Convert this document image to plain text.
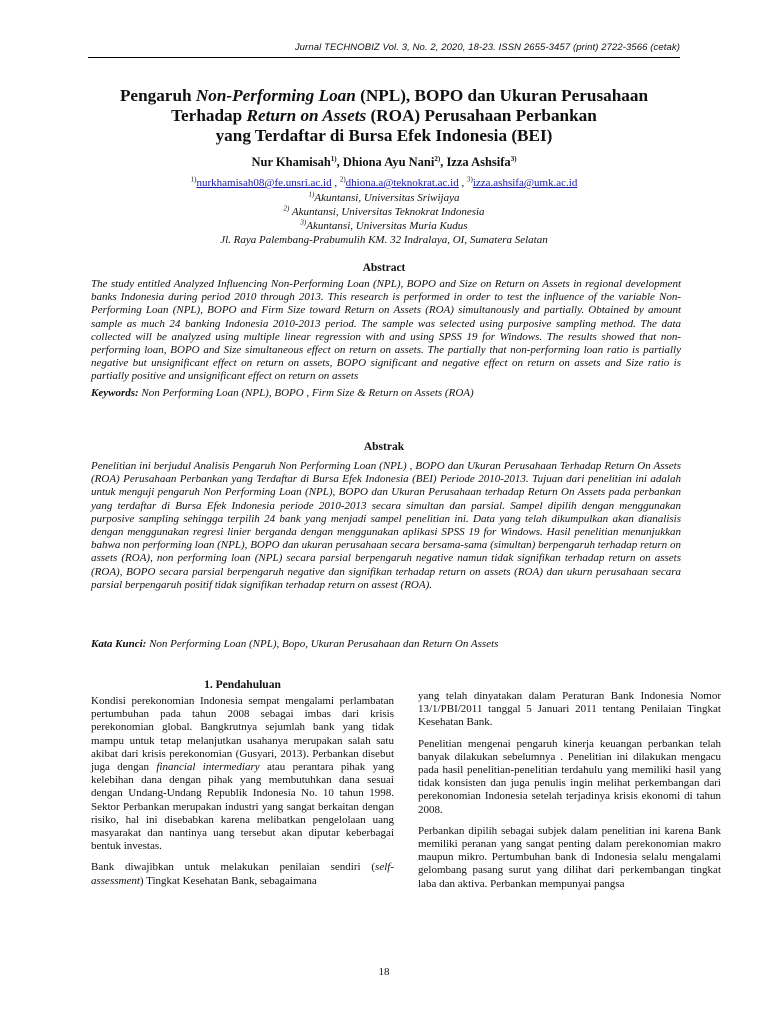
Jurnal TECHNOBIZ Vol. 3, No. 2, 2020, 18-23. ISSN 2655-3457 (print) 2722-3566 (cetak)
Pengaruh Non-Performing Loan (NPL), BOPO dan Ukuran Perusahaan
Terhadap Return on Assets (ROA) Perusahaan Perbankan
yang Terdaftar di Bursa Efek Indonesia (BEI)
Nur Khamisah$^{1)}$, Dhiona Ayu Nani$^{2)}$, Izza Ashsifa$^{3)}$
$^{1)}$nurkhamisah08@fe.unsri.ac.id , $^{2)}$dhiona.a@teknokrat.ac.id , $^{3)}$izza.ashsifa@umk.ac.id
$^{1)}$Akuntansi, Universitas Sriwijaya
$^{2)}$ Akuntansi, Universitas Teknokrat Indonesia
$^{3)}$Akuntansi, Universitas Muria Kudus
Jl. Raya Palembang-Prabumulih KM. 32 Indralaya, OI, Sumatera Selatan
Abstract
The study entitled Analyzed Influencing Non-Performing Loan (NPL), BOPO and Size on Return on Assets in regional development banks Indonesia during period 2010 through 2013. This research is performed in order to test the influence of the variable Non-Performing Loan (NPL), BOPO and Firm Size toward Return on Assets (ROA) simultanously and partially. Obtained by amount sample as much 24 banking Indonesia 2010-2013 period. The sample was selected using purposive sampling method. The data collected will be analyzed using multiple linear regression with and using SPSS 19 for Windows. The results showed that non-performing loan, BOPO and Size simultaneous effect on return on assets. The partially that non-performing loan ratio is partially negative but unsignificant effect on return on assets, BOPO significant and negative effect on return on assets and Size ratio is partially positive and unsignificant effect on return on assets
Keywords: Non Performing Loan (NPL), BOPO , Firm Size & Return on Assets (ROA)
Abstrak
Penelitian ini berjudul Analisis Pengaruh Non Performing Loan (NPL) , BOPO dan Ukuran Perusahaan Terhadap Return On Assets (ROA) Perusahaan Perbankan yang Terdaftar di Bursa Efek Indonesia (BEI) Periode 2010-2013. Tujuan dari penelitian ini adalah untuk menguji pengaruh Non Performing Loan (NPL), BOPO dan Ukuran Perusahaan terhadap Return On Assets pada perbankan yang terdaftar di Bursa Efek Indonesia periode 2010-2013 secara simultan dan parsial. Sampel dipilih dengan menggunakan purposive sampling sehingga terpilih 24 bank yang menjadi sampel penelitian ini. Data yang telah dikumpulkan akan dianalisis dengan menggunakan regresi linier berganda dengan menggunakan aplikasi SPSS 19 for Windows. Hasil penelitian menunjukkan bahwa non performing loan (NPL), BOPO dan ukuran perusahaan secara bersama-sama (simultan) berpengaruh terhadap return on assets (ROA), non performing loan (NPL) secara parsial berpengaruh negative namun tidak signifikan terhadap return on assets (ROA), BOPO secara parsial berpengaruh negative dan signifikan terhadap return on assets (ROA) dan ukurn perusahaan secara parsial berpengaruh positif tidak signifikan terhadap return on assest (ROA).
Kata Kunci: Non Performing Loan (NPL), Bopo, Ukuran Perusahaan dan Return On Assets
1. Pendahuluan

Kondisi perekonomian Indonesia sempat mengalami perlambatan pertumbuhan pada tahun 2008 sebagai imbas dari krisis perekonomian global. Bangkrutnya sejumlah bank yang tidak mampu untuk tetap melanjutkan usahanya merupakan salah satu akibat dari krisis perekonomian (Gusyari, 2013). Perbankan disebut juga dengan financial intermediary atau perantara pihak yang kelebihan dana dengan pihak yang membutuhkan dana sesuai dengan Undang-Undang Republik Indonesia No. 10 tahun 1998. Sektor Perbankan merupakan industri yang sangat berkaitan dengan risiko, hal ini disebabkan karena melibatkan pengelolaan uang masyarakat dan nantinya uang tersebut akan diputar keberbagai bentuk investas.

Bank diwajibkan untuk melakukan penilaian sendiri (self-assessment) Tingkat Kesehatan Bank, sebagaimana

yang telah dinyatakan dalam Peraturan Bank Indonesia Nomor 13/1/PBI/2011 tanggal 5 Januari 2011 tentang Penilaian Tingkat Kesehatan Bank.

Penelitian mengenai pengaruh kinerja keuangan perbankan telah banyak dilakukan sebelumnya . Penelitian ini dilakukan mengacu pada hasil penelitian-penelitian terdahulu yang memiliki hasil yang tidak konsisten dan juga penulis ingin melihat perkembangan dari perekonomian Indonesia setelah terjadinya krisis ekonomi di tahun 2008.

Perbankan dipilih sebagai subjek dalam penelitian ini karena Bank memiliki peranan yang sangat penting dalam perekonomian makro maupun mikro. Pertumbuhan bank di Indonesia selalu mengalami gelombang pasang surut yang dilihat dari perkembangan tingkat laba dan aktiva. Perbankan mempunyai pangsa

18
